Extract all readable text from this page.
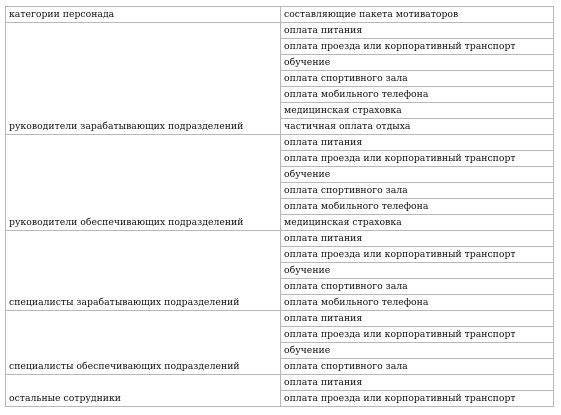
категории персонада	составляющие пакета мотиваторов
руководители зарабатывающих подразделений	оплата питания
	оплата проезда или корпоративный транспорт
	обучение
	оплата спортивного зала
	оплата мобильного телефона
	медицинская страховка
	частичная оплата отдыха
руководители обеспечивающих подразделений	оплата питания
	оплата проезда или корпоративный транспорт
	обучение
	оплата спортивного зала
	оплата мобильного телефона
	медицинская страховка
специалисты зарабатывающих подразделений	оплата питания
	оплата проезда или корпоративный транспорт
	обучение
	оплата спортивного зала
	оплата мобильного телефона
специалисты обеспечивающих подразделений	оплата питания
	оплата проезда или корпоративный транспорт
	обучение
	оплата спортивного зала
остальные сотрудники	оплата питания
	оплата проезда или корпоративный транспорт
